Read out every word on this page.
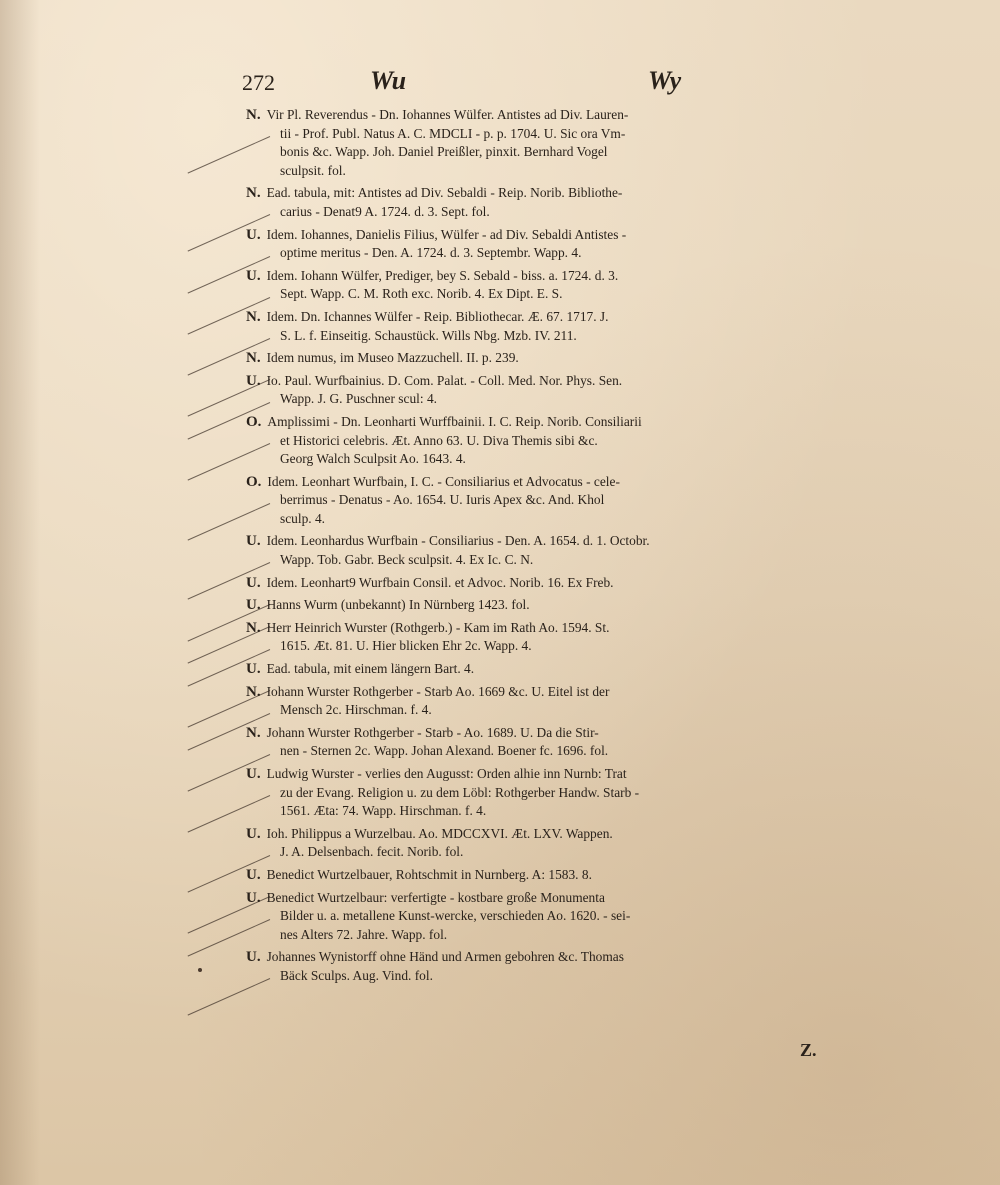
272	Wu	Wy
N. Vir Pl. Reverendus - Dn. Iohannes Wülfer. Antistes ad Div. Lauren-
tii - Prof. Publ. Natus A. C. MDCLI - p. p. 1704. U. Sic ora Vm-
bonis &c. Wapp. Joh. Daniel Preißler, pinxit. Bernhard Vogel
sculpsit. fol.
N. Ead. tabula, mit: Antistes ad Div. Sebaldi - Reip. Norib. Bibliothe-
carius - Denat9 A. 1724. d. 3. Sept. fol.
U. Idem. Iohannes, Danielis Filius, Wülfer - ad Div. Sebaldi Antistes -
optime meritus - Den. A. 1724. d. 3. Septembr. Wapp. 4.
U. Idem. Iohann Wülfer, Prediger, bey S. Sebald - biss. a. 1724. d. 3.
Sept. Wapp. C. M. Roth exc. Norib. 4. Ex Dipt. E. S.
N. Idem. Dn. Ichannes Wülfer - Reip. Bibliothecar. Æ. 67. 1717. J.
S. L. f. Einseitig. Schaustück. Wills Nbg. Mzb. IV. 211.
N. Idem numus, im Museo Mazzuchell. II. p. 239.
U. Io. Paul. Wurfbainius. D. Com. Palat. - Coll. Med. Nor. Phys. Sen.
Wapp. J. G. Puschner scul: 4.
O. Amplissimi - Dn. Leonharti Wurffbainii. I. C. Reip. Norib. Consiliarii
et Historici celebris. Æt. Anno 63. U. Diva Themis sibi &c.
Georg Walch Sculpsit Ao. 1643. 4.
O. Idem. Leonhart Wurfbain, I. C. - Consiliarius et Advocatus - cele-
berrimus - Denatus - Ao. 1654. U. Iuris Apex &c. And. Khol
sculp. 4.
U. Idem. Leonhardus Wurfbain - Consiliarius - Den. A. 1654. d. 1. Octobr.
Wapp. Tob. Gabr. Beck sculpsit. 4. Ex Ic. C. N.
U. Idem. Leonhart9 Wurfbain Consil. et Advoc. Norib. 16. Ex Freb.
U. Hanns Wurm (unbekannt) In Nürnberg 1423. fol.
N. Herr Heinrich Wurster (Rothgerb.) - Kam im Rath Ao. 1594. St.
1615. Æt. 81. U. Hier blicken Ehr 2c. Wapp. 4.
U. Ead. tabula, mit einem längern Bart. 4.
N. Iohann Wurster Rothgerber - Starb Ao. 1669 &c. U. Eitel ist der
Mensch 2c. Hirschman. f. 4.
N. Johann Wurster Rothgerber - Starb - Ao. 1689. U. Da die Stir-
nen - Sternen 2c. Wapp. Johan Alexand. Boener fc. 1696. fol.
U. Ludwig Wurster - verlies den Augusst: Orden alhie inn Nurnb: Trat
zu der Evang. Religion u. zu dem Löbl: Rothgerber Handw. Starb -
1561. Æta: 74. Wapp. Hirschman. f. 4.
U. Ioh. Philippus a Wurzelbau. Ao. MDCCXVI. Æt. LXV. Wappen.
J. A. Delsenbach. fecit. Norib. fol.
U. Benedict Wurtzelbauer, Rohtschmit in Nurnberg. A: 1583. 8.
U. Benedict Wurtzelbaur: verfertigte - kostbare große Monumenta
Bilder u. a. metallene Kunst-wercke, verschieden Ao. 1620. - sei-
nes Alters 72. Jahre. Wapp. fol.
U. Johannes Wynistorff ohne Händ und Armen gebohren &c. Thomas
Bäck Sculps. Aug. Vind. fol.
Z.
